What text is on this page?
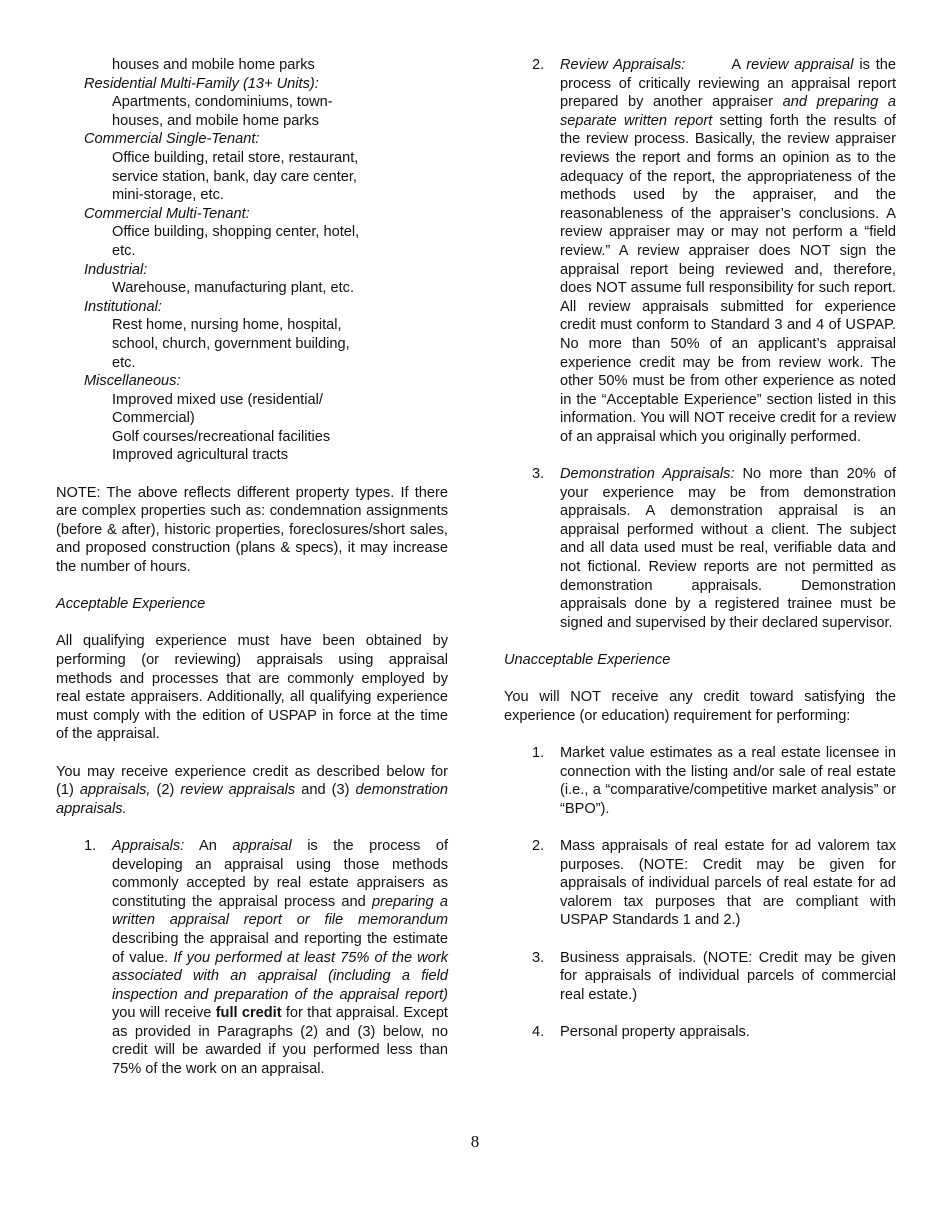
houses and mobile home parks

Residential Multi-Family (13+ Units):

Apartments, condominiums, town-

houses, and mobile home parks

Commercial Single-Tenant:

Office building, retail store, restaurant,

service station, bank, day care center,

mini-storage, etc.

Commercial Multi-Tenant:

Office building, shopping center, hotel,

etc.

Industrial:

Warehouse, manufacturing plant, etc.

Institutional:

Rest home, nursing home, hospital,

school, church, government building,

etc.

Miscellaneous:

Improved mixed use (residential/

Commercial)

Golf courses/recreational facilities

Improved agricultural tracts

NOTE: The above reflects different property types. If there are complex properties such as: condemnation assignments (before & after), historic properties, foreclosures/short sales, and proposed construction (plans & specs), it may increase the number of hours.

Acceptable Experience

All qualifying experience must have been obtained by performing (or reviewing) appraisals using appraisal methods and processes that are commonly employed by real estate appraisers. Additionally, all qualifying experience must comply with the edition of USPAP in force at the time of the appraisal.

You may receive experience credit as described below for (1) appraisals, (2) review appraisals and (3) demonstration appraisals.

1. Appraisals: An appraisal is the process of developing an appraisal using those methods commonly accepted by real estate appraisers as constituting the appraisal process and preparing a written appraisal report or file memorandum describing the appraisal and reporting the estimate of value. If you performed at least 75% of the work associated with an appraisal (including a field inspection and preparation of the appraisal report) you will receive full credit for that appraisal. Except as provided in Paragraphs (2) and (3) below, no credit will be awarded if you performed less than 75% of the work on an appraisal.
2. Review Appraisals:        A review appraisal is the process of critically reviewing an appraisal report prepared by another appraiser and preparing a separate written report setting forth the results of the review process. Basically, the review appraiser reviews the report and forms an opinion as to the adequacy of the report, the appropriateness of the methods used by the appraiser, and the reasonableness of the appraiser’s conclusions. A review appraiser may or may not perform a “field review.” A review appraiser does NOT sign the appraisal report being reviewed and, therefore, does NOT assume full responsibility for such report. All review appraisals submitted for experience credit must conform to Standard 3 and 4 of USPAP. No more than 50% of an applicant’s appraisal experience credit may be from review work. The other 50% must be from other experience as noted in the “Acceptable Experience” section listed in this information. You will NOT receive credit for a review of an appraisal which you originally performed.
3. Demonstration Appraisals: No more than 20% of your experience may be from demonstration appraisals. A demonstration appraisal is an appraisal performed without a client. The subject and all data used must be real, verifiable data and not fictional. Review reports are not permitted as demonstration appraisals. Demonstration appraisals done by a registered trainee must be signed and supervised by their declared supervisor.

Unacceptable Experience

You will NOT receive any credit toward satisfying the experience (or education) requirement for performing:

1. Market value estimates as a real estate licensee in connection with the listing and/or sale of real estate (i.e., a “comparative/competitive market analysis” or “BPO”).
2. Mass appraisals of real estate for ad valorem tax purposes. (NOTE: Credit may be given for appraisals of individual parcels of real estate for ad valorem tax purposes that are compliant with USPAP Standards 1 and 2.)
3. Business appraisals. (NOTE: Credit may be given for appraisals of individual parcels of commercial real estate.)
4. Personal property appraisals.
8
